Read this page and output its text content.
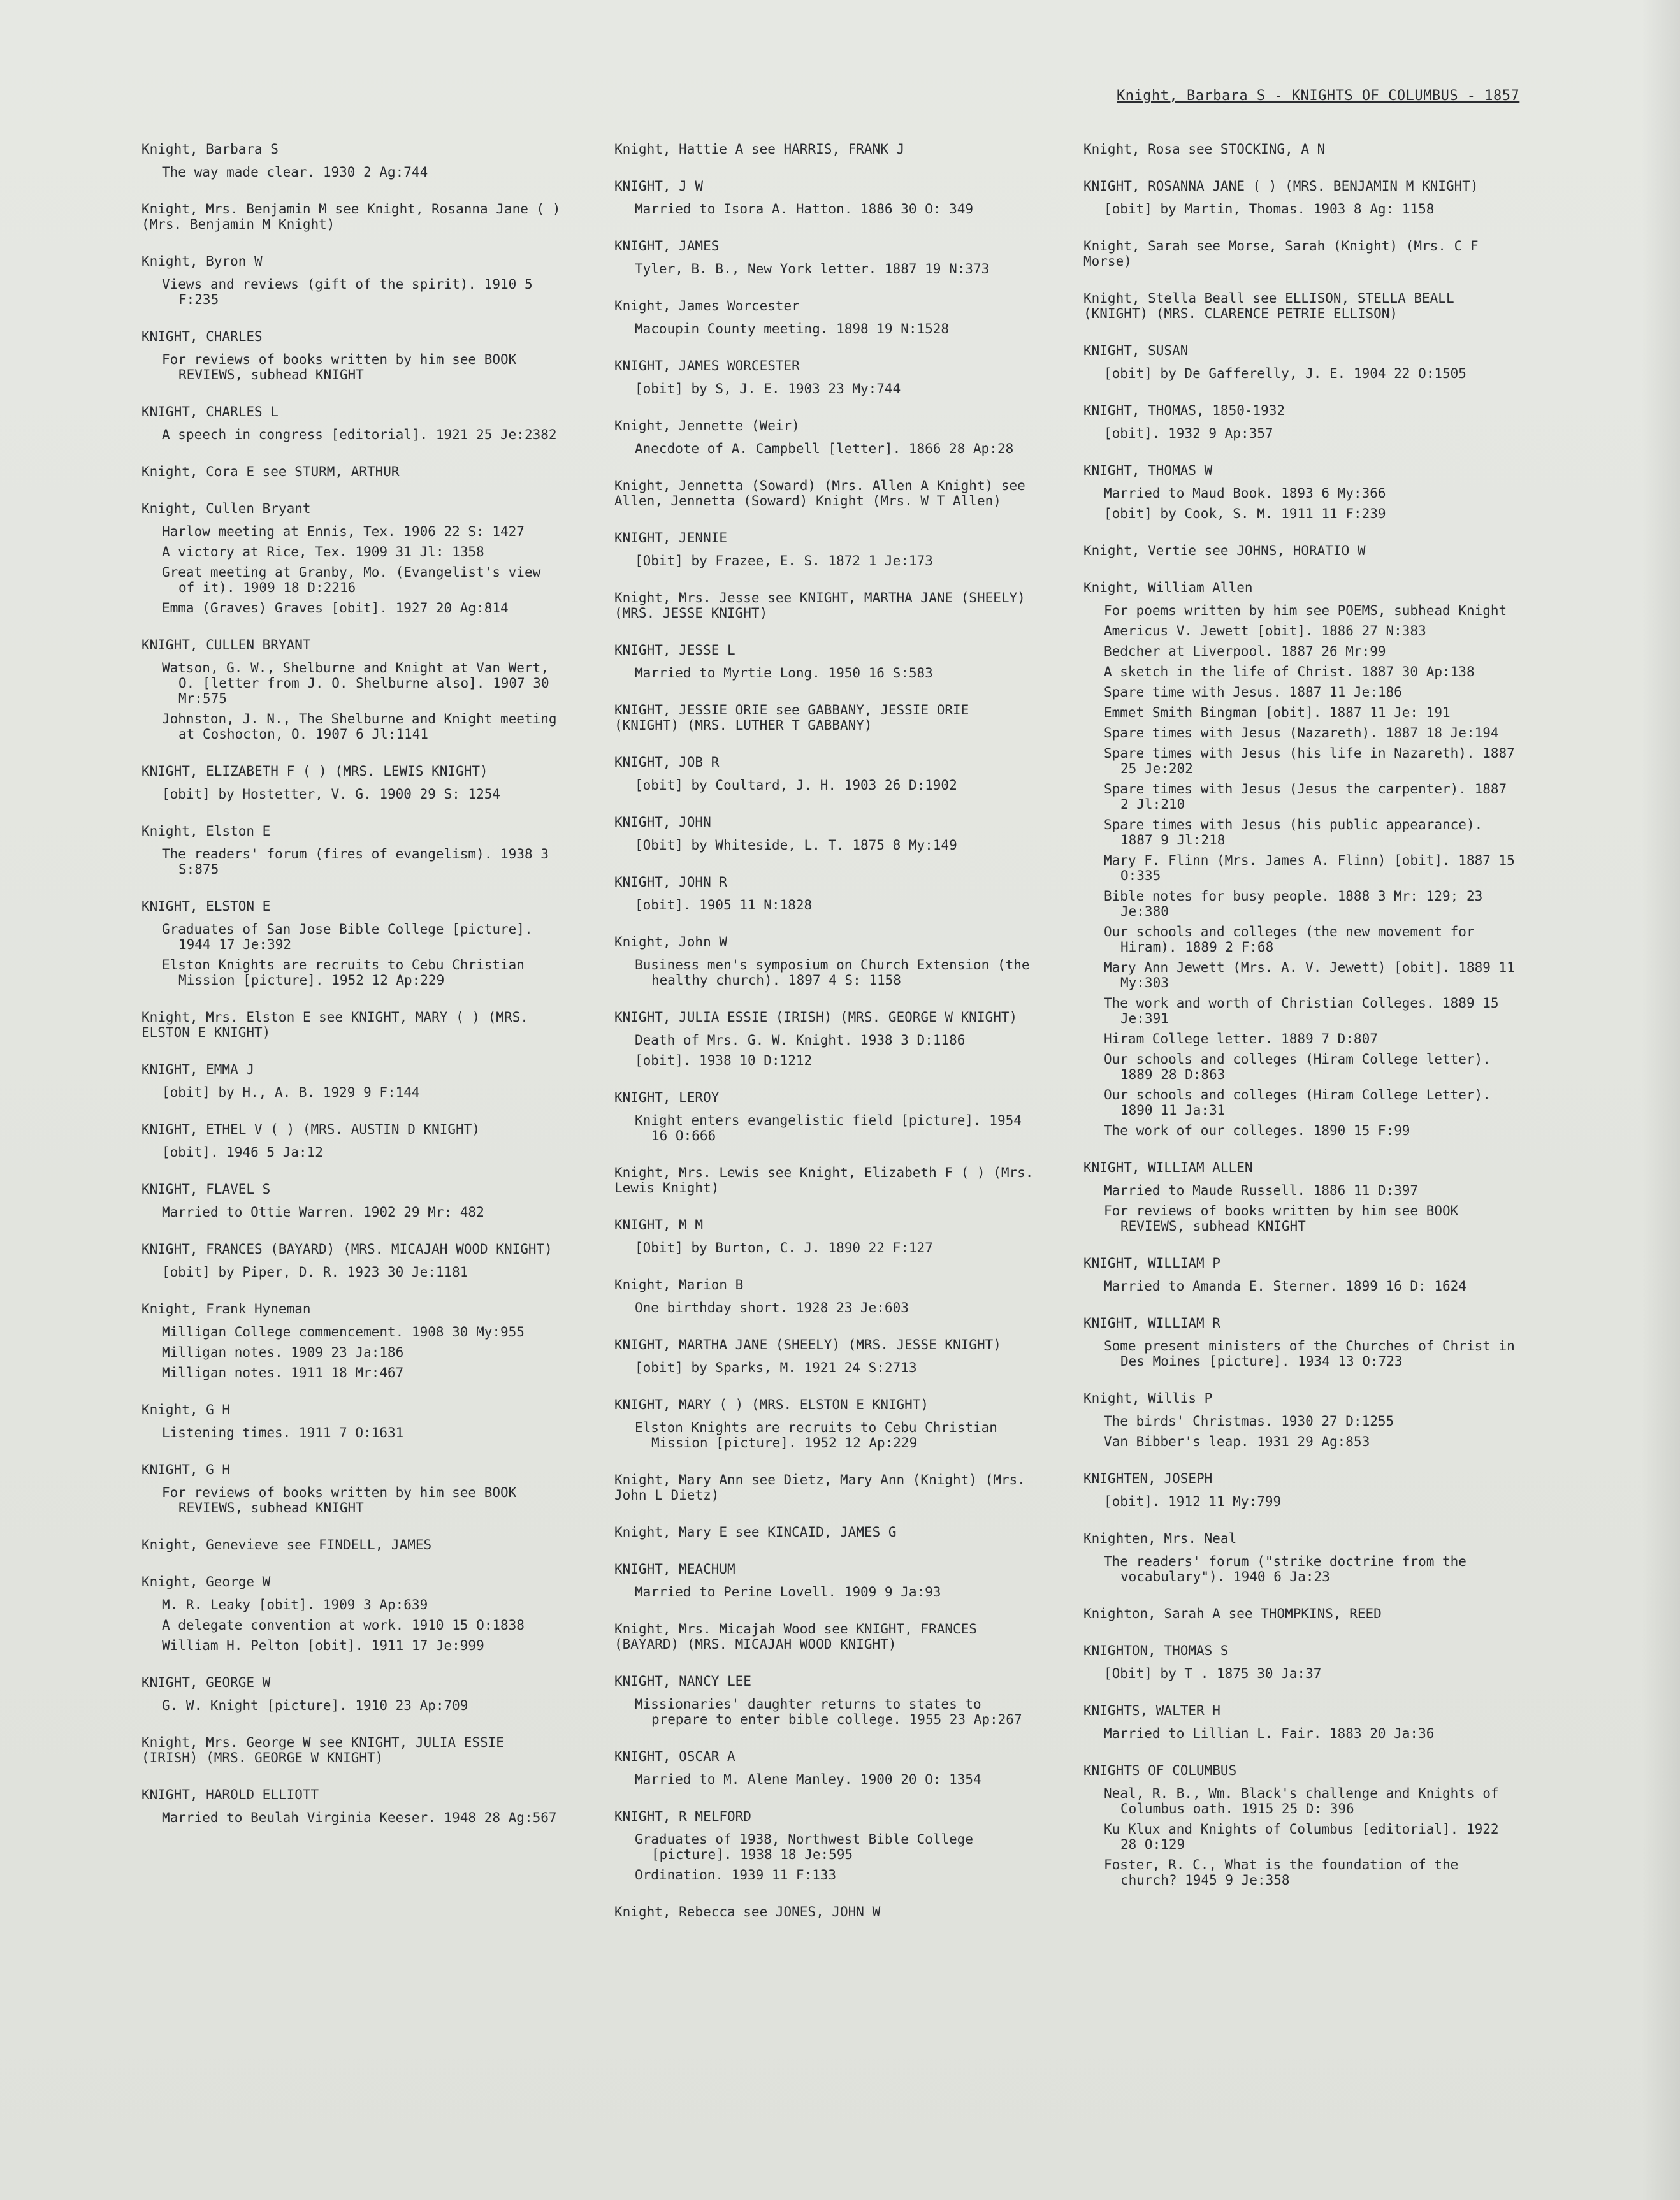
Knight, Barbara S - KNIGHTS OF COLUMBUS - 1857
Knight, Barbara S
The way made clear. 1930 2 Ag:744
Knight, Mrs. Benjamin M see Knight, Rosanna Jane ( ) (Mrs. Benjamin M Knight)
Knight, Byron W
Views and reviews (gift of the spirit). 1910 5 F:235
KNIGHT, CHARLES
For reviews of books written by him see BOOK REVIEWS, subhead KNIGHT
KNIGHT, CHARLES L
A speech in congress [editorial]. 1921 25 Je:2382
Knight, Cora E see STURM, ARTHUR
Knight, Cullen Bryant
Harlow meeting at Ennis, Tex. 1906 22 S: 1427
A victory at Rice, Tex. 1909 31 Jl: 1358
Great meeting at Granby, Mo. (Evangelist's view of it). 1909 18 D:2216
Emma (Graves) Graves [obit]. 1927 20 Ag:814
KNIGHT, CULLEN BRYANT
Watson, G. W., Shelburne and Knight at Van Wert, O. [letter from J. O. Shelburne also]. 1907 30 Mr:575
Johnston, J. N., The Shelburne and Knight meeting at Coshocton, O. 1907 6 Jl:1141
KNIGHT, ELIZABETH F ( ) (MRS. LEWIS KNIGHT)
[obit] by Hostetter, V. G. 1900 29 S: 1254
Knight, Elston E
The readers' forum (fires of evangelism). 1938 3 S:875
KNIGHT, ELSTON E
Graduates of San Jose Bible College [picture]. 1944 17 Je:392
Elston Knights are recruits to Cebu Christian Mission [picture]. 1952 12 Ap:229
Knight, Mrs. Elston E see KNIGHT, MARY ( ) (MRS. ELSTON E KNIGHT)
KNIGHT, EMMA J
[obit] by H., A. B. 1929 9 F:144
KNIGHT, ETHEL V ( ) (MRS. AUSTIN D KNIGHT)
[obit]. 1946 5 Ja:12
KNIGHT, FLAVEL S
Married to Ottie Warren. 1902 29 Mr: 482
KNIGHT, FRANCES (BAYARD) (MRS. MICAJAH WOOD KNIGHT)
[obit] by Piper, D. R. 1923 30 Je:1181
Knight, Frank Hyneman
Milligan College commencement. 1908 30 My:955
Milligan notes. 1909 23 Ja:186
Milligan notes. 1911 18 Mr:467
Knight, G H
Listening times. 1911 7 O:1631
KNIGHT, G H
For reviews of books written by him see BOOK REVIEWS, subhead KNIGHT
Knight, Genevieve see FINDELL, JAMES
Knight, George W
M. R. Leaky [obit]. 1909 3 Ap:639
A delegate convention at work. 1910 15 O:1838
William H. Pelton [obit]. 1911 17 Je:999
KNIGHT, GEORGE W
G. W. Knight [picture]. 1910 23 Ap:709
Knight, Mrs. George W see KNIGHT, JULIA ESSIE (IRISH) (MRS. GEORGE W KNIGHT)
KNIGHT, HAROLD ELLIOTT
Married to Beulah Virginia Keeser. 1948 28 Ag:567
Knight, Hattie A see HARRIS, FRANK J
KNIGHT, J W
Married to Isora A. Hatton. 1886 30 O: 349
KNIGHT, JAMES
Tyler, B. B., New York letter. 1887 19 N:373
Knight, James Worcester
Macoupin County meeting. 1898 19 N:1528
KNIGHT, JAMES WORCESTER
[obit] by S, J. E. 1903 23 My:744
Knight, Jennette (Weir)
Anecdote of A. Campbell [letter]. 1866 28 Ap:28
Knight, Jennetta (Soward) (Mrs. Allen A Knight) see Allen, Jennetta (Soward) Knight (Mrs. W T Allen)
KNIGHT, JENNIE
[Obit] by Frazee, E. S. 1872 1 Je:173
Knight, Mrs. Jesse see KNIGHT, MARTHA JANE (SHEELY) (MRS. JESSE KNIGHT)
KNIGHT, JESSE L
Married to Myrtie Long. 1950 16 S:583
KNIGHT, JESSIE ORIE see GABBANY, JESSIE ORIE (KNIGHT) (MRS. LUTHER T GABBANY)
KNIGHT, JOB R
[obit] by Coultard, J. H. 1903 26 D:1902
KNIGHT, JOHN
[Obit] by Whiteside, L. T. 1875 8 My:149
KNIGHT, JOHN R
[obit]. 1905 11 N:1828
Knight, John W
Business men's symposium on Church Extension (the healthy church). 1897 4 S: 1158
KNIGHT, JULIA ESSIE (IRISH) (MRS. GEORGE W KNIGHT)
Death of Mrs. G. W. Knight. 1938 3 D:1186
[obit]. 1938 10 D:1212
KNIGHT, LEROY
Knight enters evangelistic field [picture]. 1954 16 O:666
Knight, Mrs. Lewis see Knight, Elizabeth F ( ) (Mrs. Lewis Knight)
KNIGHT, M M
[Obit] by Burton, C. J. 1890 22 F:127
Knight, Marion B
One birthday short. 1928 23 Je:603
KNIGHT, MARTHA JANE (SHEELY) (MRS. JESSE KNIGHT)
[obit] by Sparks, M. 1921 24 S:2713
KNIGHT, MARY ( ) (MRS. ELSTON E KNIGHT)
Elston Knights are recruits to Cebu Christian Mission [picture]. 1952 12 Ap:229
Knight, Mary Ann see Dietz, Mary Ann (Knight) (Mrs. John L Dietz)
Knight, Mary E see KINCAID, JAMES G
KNIGHT, MEACHUM
Married to Perine Lovell. 1909 9 Ja:93
Knight, Mrs. Micajah Wood see KNIGHT, FRANCES (BAYARD) (MRS. MICAJAH WOOD KNIGHT)
KNIGHT, NANCY LEE
Missionaries' daughter returns to states to prepare to enter bible college. 1955 23 Ap:267
KNIGHT, OSCAR A
Married to M. Alene Manley. 1900 20 O: 1354
KNIGHT, R MELFORD
Graduates of 1938, Northwest Bible College [picture]. 1938 18 Je:595
Ordination. 1939 11 F:133
Knight, Rebecca see JONES, JOHN W
Knight, Rosa see STOCKING, A N
KNIGHT, ROSANNA JANE ( ) (MRS. BENJAMIN M KNIGHT)
[obit] by Martin, Thomas. 1903 8 Ag: 1158
Knight, Sarah see Morse, Sarah (Knight) (Mrs. C F Morse)
Knight, Stella Beall see ELLISON, STELLA BEALL (KNIGHT) (MRS. CLARENCE PETRIE ELLISON)
KNIGHT, SUSAN
[obit] by De Gafferelly, J. E. 1904 22 O:1505
KNIGHT, THOMAS, 1850-1932
[obit]. 1932 9 Ap:357
KNIGHT, THOMAS W
Married to Maud Book. 1893 6 My:366
[obit] by Cook, S. M. 1911 11 F:239
Knight, Vertie see JOHNS, HORATIO W
Knight, William Allen
For poems written by him see POEMS, subhead Knight
Americus V. Jewett [obit]. 1886 27 N:383
Bedcher at Liverpool. 1887 26 Mr:99
A sketch in the life of Christ. 1887 30 Ap:138
Spare time with Jesus. 1887 11 Je:186
Emmet Smith Bingman [obit]. 1887 11 Je: 191
Spare times with Jesus (Nazareth). 1887 18 Je:194
Spare times with Jesus (his life in Nazareth). 1887 25 Je:202
Spare times with Jesus (Jesus the carpenter). 1887 2 Jl:210
Spare times with Jesus (his public appearance). 1887 9 Jl:218
Mary F. Flinn (Mrs. James A. Flinn) [obit]. 1887 15 O:335
Bible notes for busy people. 1888 3 Mr: 129; 23 Je:380
Our schools and colleges (the new movement for Hiram). 1889 2 F:68
Mary Ann Jewett (Mrs. A. V. Jewett) [obit]. 1889 11 My:303
The work and worth of Christian Colleges. 1889 15 Je:391
Hiram College letter. 1889 7 D:807
Our schools and colleges (Hiram College letter). 1889 28 D:863
Our schools and colleges (Hiram College Letter). 1890 11 Ja:31
The work of our colleges. 1890 15 F:99
KNIGHT, WILLIAM ALLEN
Married to Maude Russell. 1886 11 D:397
For reviews of books written by him see BOOK REVIEWS, subhead KNIGHT
KNIGHT, WILLIAM P
Married to Amanda E. Sterner. 1899 16 D: 1624
KNIGHT, WILLIAM R
Some present ministers of the Churches of Christ in Des Moines [picture]. 1934 13 O:723
Knight, Willis P
The birds' Christmas. 1930 27 D:1255
Van Bibber's leap. 1931 29 Ag:853
KNIGHTEN, JOSEPH
[obit]. 1912 11 My:799
Knighten, Mrs. Neal
The readers' forum ("strike doctrine from the vocabulary"). 1940 6 Ja:23
Knighton, Sarah A see THOMPKINS, REED
KNIGHTON, THOMAS S
[Obit] by T . 1875 30 Ja:37
KNIGHTS, WALTER H
Married to Lillian L. Fair. 1883 20 Ja:36
KNIGHTS OF COLUMBUS
Neal, R. B., Wm. Black's challenge and Knights of Columbus oath. 1915 25 D: 396
Ku Klux and Knights of Columbus [editorial]. 1922 28 O:129
Foster, R. C., What is the foundation of the church? 1945 9 Je:358
